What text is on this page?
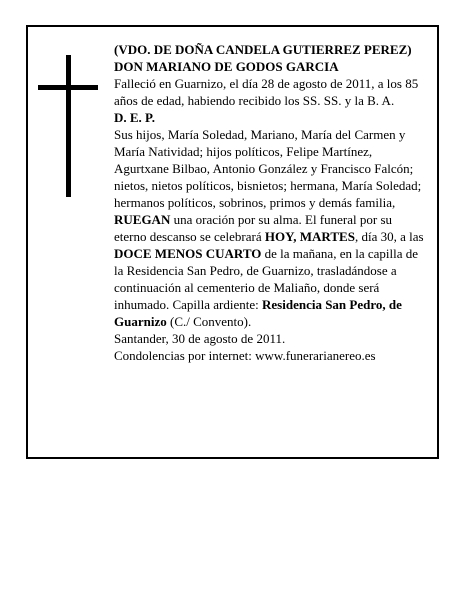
(VDO. DE DOÑA CANDELA GUTIERREZ PEREZ)

DON MARIANO DE GODOS GARCIA

Falleció en Guarnizo, el día 28 de agosto de 2011, a los 85 años de edad, habiendo recibido los SS. SS. y la B. A.

D. E. P.

Sus hijos, María Soledad, Mariano, María del Carmen y María Natividad; hijos políticos, Felipe Martínez, Agurtxane Bilbao, Antonio González y Francisco Falcón; nietos, nietos políticos, bisnietos; hermana, María Soledad; hermanos políticos, sobrinos, primos y demás familia,

RUEGAN una oración por su alma. El funeral por su eterno descanso se celebrará HOY, MARTES, día 30, a las DOCE MENOS CUARTO de la mañana, en la capilla de la Residencia San Pedro, de Guarnizo, trasladándose a continuación al cementerio de Maliaño, donde será inhumado. Capilla ardiente: Residencia San Pedro, de Guarnizo (C./ Convento).

Santander, 30 de agosto de 2011.

Condolencias por internet: www.funerarianereo.es
